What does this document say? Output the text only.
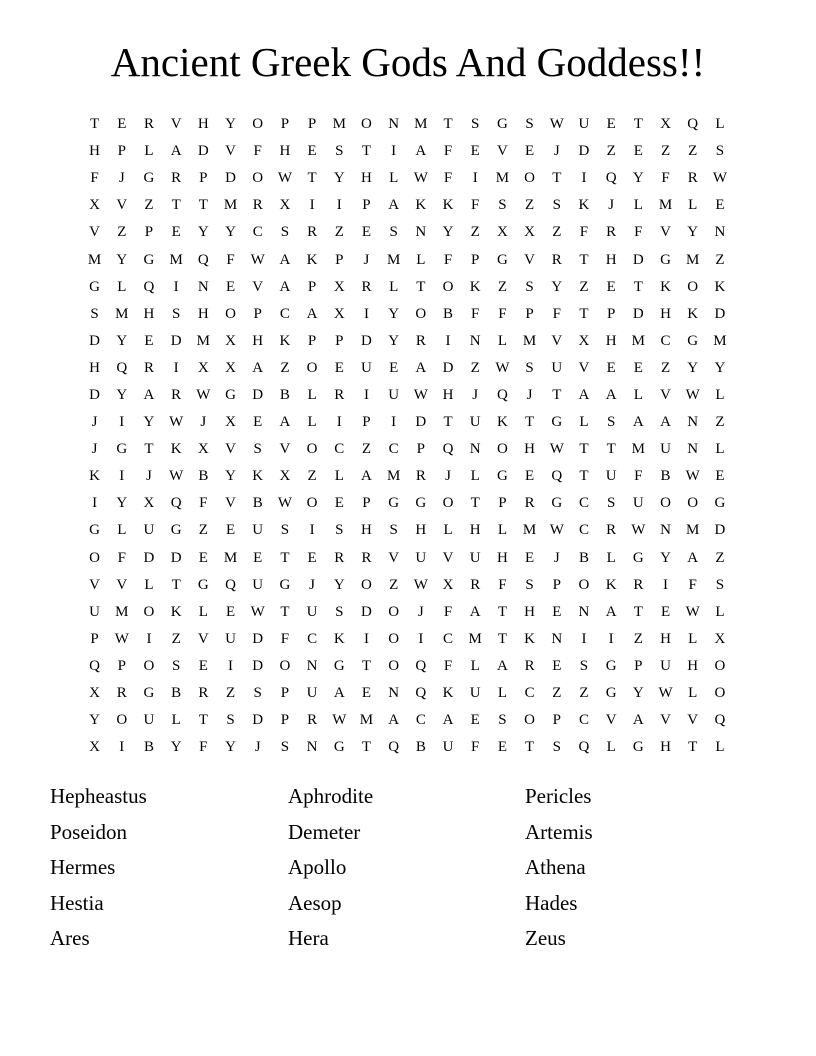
Ancient Greek Gods And Goddess!!
T	E	R	V	H	Y	O	P	P	M	O	N	M	T	S	G	S	W U	E	T	X	Q	L
H	P	L	A	D	V	F	H	E	S	T	I	A	F	E	V	E	J	D	Z	E	Z	Z	S
F	J	G	R	P	D	O W	T	Y	H	L	W	F	I	M	O	T	I	Q	Y	F	R	W
X	V	Z	T	T	M	R	X	I	I	P	A	K	K	F	S	Z	S	K	J	L	M	L	E
V	Z	P	E	Y	Y	C	S	R	Z	E	S	N	Y	Z	X	X	Z	F	R	F	V	Y	N
M	Y	G	M	Q	F	W A	K	P	J	M	L	F	P	G	V	R	T	H	D	G	M	Z
G	L	Q	I	N	E	V	A	P	X	R	L	T	O	K	Z	S	Y	Z	E	T	K	O	K
S	M	H	S	H	O	P	C	A	X	I	Y	O	B	F	F	P	F	T	P	D	H	K	D
D	Y	E	D	M	X	H	K	P	P	D	Y	R	I	N	L	M	V	X	H	M	C	G	M
H	Q	R	I	X	X	A	Z	O	E	U	E	A	D	Z	W	S	U	V	E	E	Z	Y	Y
D	Y	A	R	W G	D	B	L	R	I	U W H	J	Q	J	T	A	A	L	V W	L
J	I	Y W	J	X	E	A	L	I	P	I	D	T	U	K	T	G	L	S	A	A	N	Z
J	G	T	K	X	V	S	V	O	C	Z	C	P	Q	N	O	H W	T	T	M	U	N	L
K	I	J	W	B	Y	K	X	Z	L	A	M	R	J	L	G	E	Q	T	U	F	B	W	E
I	Y	X	Q	F	V	B	W O	E	P	G	G	O	T	P	R	G	C	S	U	O	O	G
G	L	U	G	Z	E	U	S	I	S	H	S	H	L	H	L	M W	C	R	W N	M	D
O	F	D	D	E	M	E	T	E	R	R	V	U	V	U	H	E	J	B	L	G	Y	A	Z
V	V	L	T	G	Q	U	G	J	Y	O	Z	W X	R	F	S	P	O	K	R	I	F	S
U	M	O	K	L	E	W	T	U	S	D	O	J	F	A	T	H	E	N	A	T	E	W	L
P	W	I	Z	V	U	D	F	C	K	I	O	I	C	M	T	K	N	I	I	Z	H	L	X
Q	P	O	S	E	I	D	O	N	G	T	O	Q	F	L	A	R	E	S	G	P	U	H	O
X	R	G	B	R	Z	S	P	U	A	E	N	Q	K	U	L	C	Z	Z	G	Y W	L	O
Y	O	U	L	T	S	D	P	R	W M	A	C	A	E	S	O	P	C	V	A	V	V	Q
X	I	B	Y	F	Y	J	S	N	G	T	Q	B	U	F	E	T	S	Q	L	G	H	T	L
Hepheastus
Poseidon
Hermes
Hestia
Ares
Aphrodite
Demeter
Apollo
Aesop
Hera
Pericles
Artemis
Athena
Hades
Zeus
